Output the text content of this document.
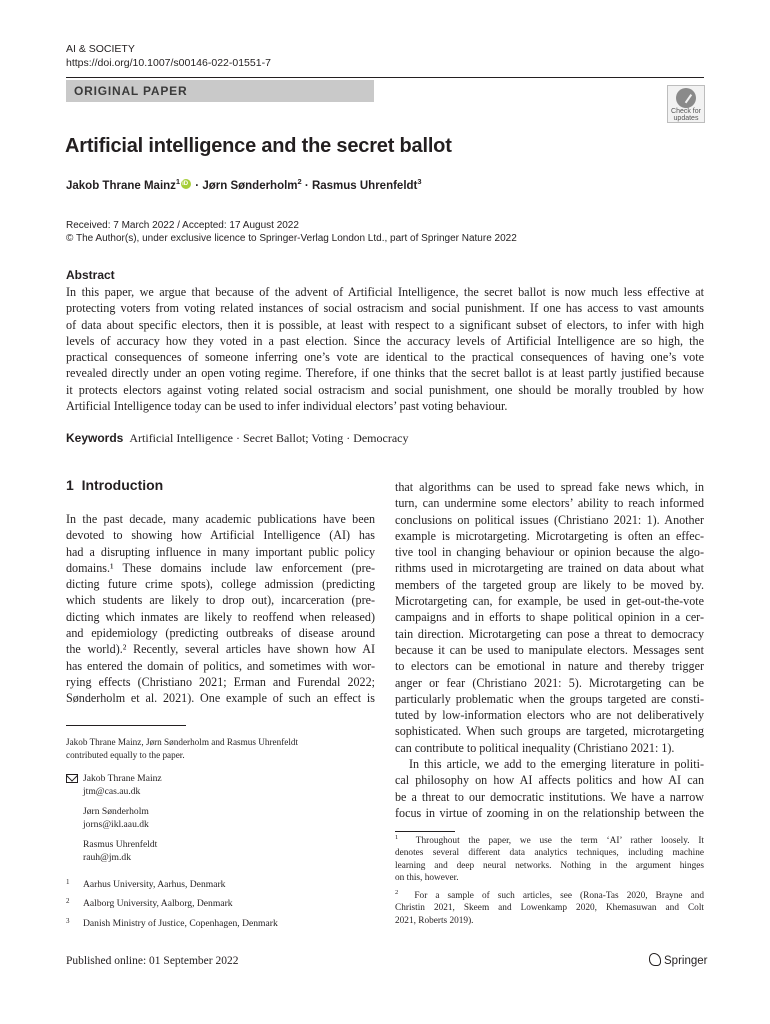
AI & SOCIETY
https://doi.org/10.1007/s00146-022-01551-7
ORIGINAL PAPER
Check for
updates
Artificial intelligence and the secret ballot
Jakob Thrane Mainz$^1$iD · Jørn Sønderholm$^2$ · Rasmus Uhrenfeldt$^3$
Received: 7 March 2022 / Accepted: 17 August 2022
© The Author(s), under exclusive licence to Springer-Verlag London Ltd., part of Springer Nature 2022
Abstract
In this paper, we argue that because of the advent of Artificial Intelligence, the secret ballot is now much less effective at
protecting voters from voting related instances of social ostracism and social punishment. If one has access to vast amounts
of data about specific electors, then it is possible, at least with respect to a significant subset of electors, to infer with high
levels of accuracy how they voted in a past election. Since the accuracy levels of Artificial Intelligence are so high, the
practical consequences of someone inferring one’s vote are identical to the practical consequences of having one’s vote
revealed directly under an open voting regime. Therefore, if one thinks that the secret ballot is at least partly justified because
it protects electors against voting related social ostracism and social punishment, one should be morally troubled by how
Artificial Intelligence today can be used to infer individual electors’ past voting behaviour.
Keywords Artificial Intelligence · Secret Ballot; Voting · Democracy
1 Introduction
In the past decade, many academic publications have been
devoted to showing how Artificial Intelligence (AI) has
had a disrupting influence in many important public policy
domains.¹ These domains include law enforcement (pre-
dicting future crime spots), college admission (predicting
which students are likely to drop out), incarceration (pre-
dicting which inmates are likely to reoffend when released)
and epidemiology (predicting outbreaks of disease around
the world).² Recently, several articles have shown how AI
has entered the domain of politics, and sometimes with wor-
rying effects (Christiano 2021; Erman and Furendal 2022;
Sønderholm et al. 2021). One example of such an effect is
that algorithms can be used to spread fake news which, in
turn, can undermine some electors’ ability to reach informed
conclusions on political issues (Christiano 2021: 1). Another
example is microtargeting. Microtargeting is often an effec-
tive tool in changing behaviour or opinion because the algo-
rithms used in microtargeting are trained on data about what
members of the targeted group are likely to be moved by.
Microtargeting can, for example, be used in get-out-the-vote
campaigns and in efforts to shape political opinion in a cer-
tain direction. Microtargeting can pose a threat to democracy
because it can be used to manipulate electors. Messages sent
to electors can be emotional in nature and thereby trigger
anger or fear (Christiano 2021: 5). Microtargeting can be
particularly problematic when the groups targeted are consti-
tuted by low-information electors who are not deliberatively
sophisticated. When such groups are targeted, microtargeting
can contribute to political inequality (Christiano 2021: 1).
In this article, we add to the emerging literature in politi-
cal philosophy on how AI affects politics and how AI can
be a threat to our democratic institutions. We have a narrow
focus in virtue of zooming in on the relationship between the
Jakob Thrane Mainz, Jørn Sønderholm and Rasmus Uhrenfeldt
contributed equally to the paper.
Jakob Thrane Mainz
jtm@cas.au.dk
Jørn Sønderholm
jorns@ikl.aau.dk
Rasmus Uhrenfeldt
rauh@jm.dk
1 Aarhus University, Aarhus, Denmark
2 Aalborg University, Aalborg, Denmark
3 Danish Ministry of Justice, Copenhagen, Denmark
$^1$ Throughout the paper, we use the term ‘AI’ rather loosely. It
denotes several different data analytics techniques, including machine
learning and deep neural networks. Nothing in the argument hinges
on this, however.
$^2$ For a sample of such articles, see (Rona-Tas 2020, Brayne and
Christin 2021, Skeem and Lowenkamp 2020, Khemasuwan and Colt
2021, Roberts 2019).
Published online: 01 September 2022	Springer
